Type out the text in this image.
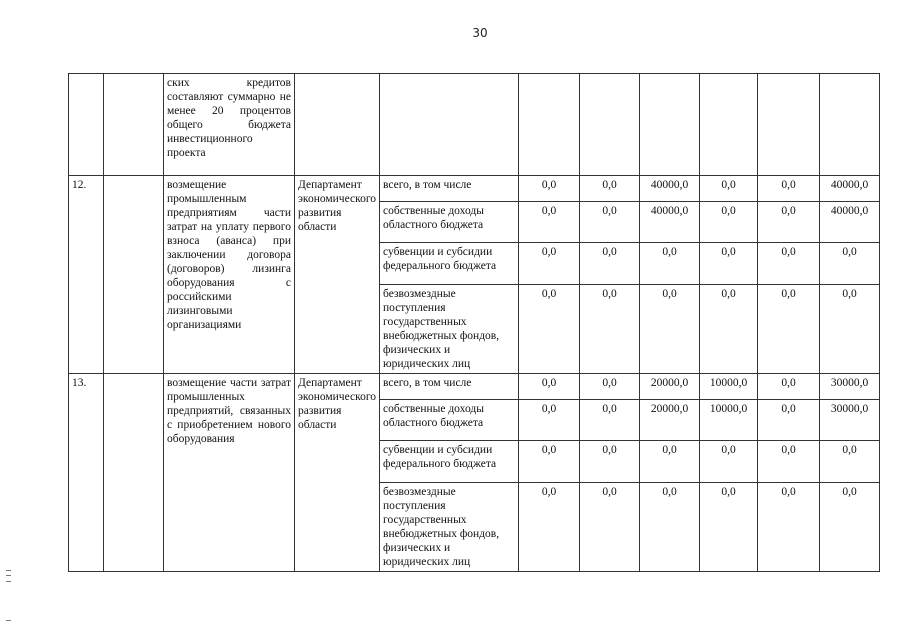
30
		ских кредитов составляют суммарно не менее 20 процентов общего бюджета инвестиционного проекта								
12.		возмещение промышленным предприятиям части затрат на уплату первого взноса (аванса) при заключении договора (договоров) лизинга оборудования с российскими лизинговыми организациями	Департамент экономического развития области	всего, в том числе	0,0	0,0	40000,0	0,0	0,0	40000,0
				собственные доходы областного бюджета	0,0	0,0	40000,0	0,0	0,0	40000,0
				субвенции и субсидии федерального бюджета	0,0	0,0	0,0	0,0	0,0	0,0
				безвозмездные поступления государственных внебюджетных фондов, физических и юридических лиц	0,0	0,0	0,0	0,0	0,0	0,0
13.		возмещение части затрат промышленных предприятий, связанных с приобретением нового оборудования	Департамент экономического развития области	всего, в том числе	0,0	0,0	20000,0	10000,0	0,0	30000,0
				собственные доходы областного бюджета	0,0	0,0	20000,0	10000,0	0,0	30000,0
				субвенции и субсидии федерального бюджета	0,0	0,0	0,0	0,0	0,0	0,0
				безвозмездные поступления государственных внебюджетных фондов, физических и юридических лиц	0,0	0,0	0,0	0,0	0,0	0,0
